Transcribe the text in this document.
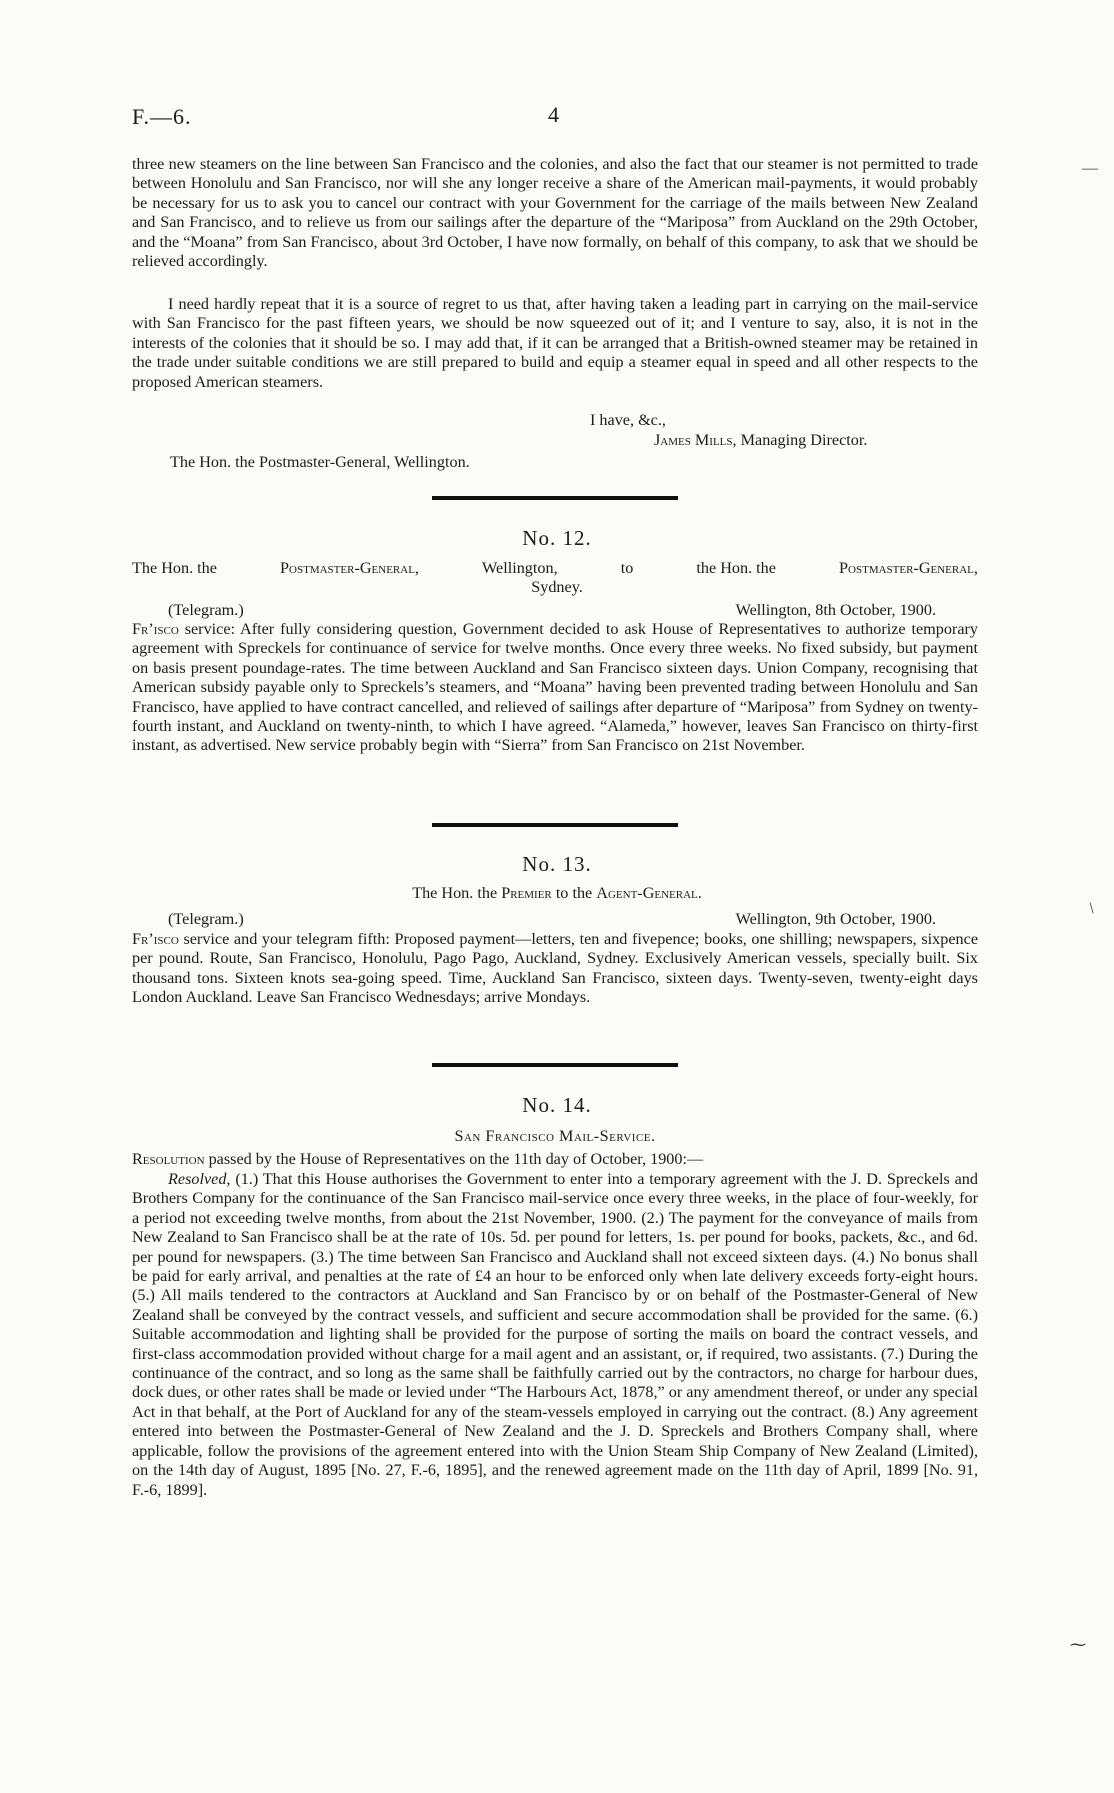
F.—6.	4

three new steamers on the line between San Francisco and the colonies, and also the fact that our steamer is not permitted to trade between Honolulu and San Francisco, nor will she any longer receive a share of the American mail-payments, it would probably be necessary for us to ask you to cancel our contract with your Government for the carriage of the mails between New Zealand and San Francisco, and to relieve us from our sailings after the departure of the “Mariposa” from Auckland on the 29th October, and the “Moana” from San Francisco, about 3rd October, I have now formally, on behalf of this company, to ask that we should be relieved accordingly.

I need hardly repeat that it is a source of regret to us that, after having taken a leading part in carrying on the mail-service with San Francisco for the past fifteen years, we should be now squeezed out of it; and I venture to say, also, it is not in the interests of the colonies that it should be so. I may add that, if it can be arranged that a British-owned steamer may be retained in the trade under suitable conditions we are still prepared to build and equip a steamer equal in speed and all other respects to the proposed American steamers.

I have, &c.,
James Mills, Managing Director.
The Hon. the Postmaster-General, Wellington.
No. 12.
The Hon. the	Postmaster-General,	Wellington,	to	the Hon. the	Postmaster-General,
Sydney.
(Telegram.)	Wellington, 8th October, 1900.

Fr’isco service: After fully considering question, Government decided to ask House of Representatives to authorize temporary agreement with Spreckels for continuance of service for twelve months. Once every three weeks. No fixed subsidy, but payment on basis present poundage-rates. The time between Auckland and San Francisco sixteen days. Union Company, recognising that American subsidy payable only to Spreckels’s steamers, and “Moana” having been prevented trading between Honolulu and San Francisco, have applied to have contract cancelled, and relieved of sailings after departure of “Mariposa” from Sydney on twenty-fourth instant, and Auckland on twenty-ninth, to which I have agreed. “Alameda,” however, leaves San Francisco on thirty-first instant, as advertised. New service probably begin with “Sierra” from San Francisco on 21st November.

No. 13.
The Hon. the Premier to the Agent-General.
(Telegram.)	Wellington, 9th October, 1900.

Fr’isco service and your telegram fifth: Proposed payment—letters, ten and fivepence; books, one shilling; newspapers, sixpence per pound. Route, San Francisco, Honolulu, Pago Pago, Auckland, Sydney. Exclusively American vessels, specially built. Six thousand tons. Sixteen knots sea-going speed. Time, Auckland San Francisco, sixteen days. Twenty-seven, twenty-eight days London Auckland. Leave San Francisco Wednesdays; arrive Mondays.

No. 14.
San Francisco Mail-Service.

Resolution passed by the House of Representatives on the 11th day of October, 1900:—

Resolved, (1.) That this House authorises the Government to enter into a temporary agreement with the J. D. Spreckels and Brothers Company for the continuance of the San Francisco mail-service once every three weeks, in the place of four-weekly, for a period not exceeding twelve months, from about the 21st November, 1900. (2.) The payment for the conveyance of mails from New Zealand to San Francisco shall be at the rate of 10s. 5d. per pound for letters, 1s. per pound for books, packets, &c., and 6d. per pound for newspapers. (3.) The time between San Francisco and Auckland shall not exceed sixteen days. (4.) No bonus shall be paid for early arrival, and penalties at the rate of £4 an hour to be enforced only when late delivery exceeds forty-eight hours. (5.) All mails tendered to the contractors at Auckland and San Francisco by or on behalf of the Postmaster-General of New Zealand shall be conveyed by the contract vessels, and sufficient and secure accommodation shall be provided for the same. (6.) Suitable accommodation and lighting shall be provided for the purpose of sorting the mails on board the contract vessels, and first-class accommodation provided without charge for a mail agent and an assistant, or, if required, two assistants. (7.) During the continuance of the contract, and so long as the same shall be faithfully carried out by the contractors, no charge for harbour dues, dock dues, or other rates shall be made or levied under “The Harbours Act, 1878,” or any amendment thereof, or under any special Act in that behalf, at the Port of Auckland for any of the steam-vessels employed in carrying out the contract. (8.) Any agreement entered into between the Postmaster-General of New Zealand and the J. D. Spreckels and Brothers Company shall, where applicable, follow the provisions of the agreement entered into with the Union Steam Ship Company of New Zealand (Limited), on the 14th day of August, 1895 [No. 27, F.-6, 1895], and the renewed agreement made on the 11th day of April, 1899 [No. 91, F.-6, 1899].

—
/
⁓
